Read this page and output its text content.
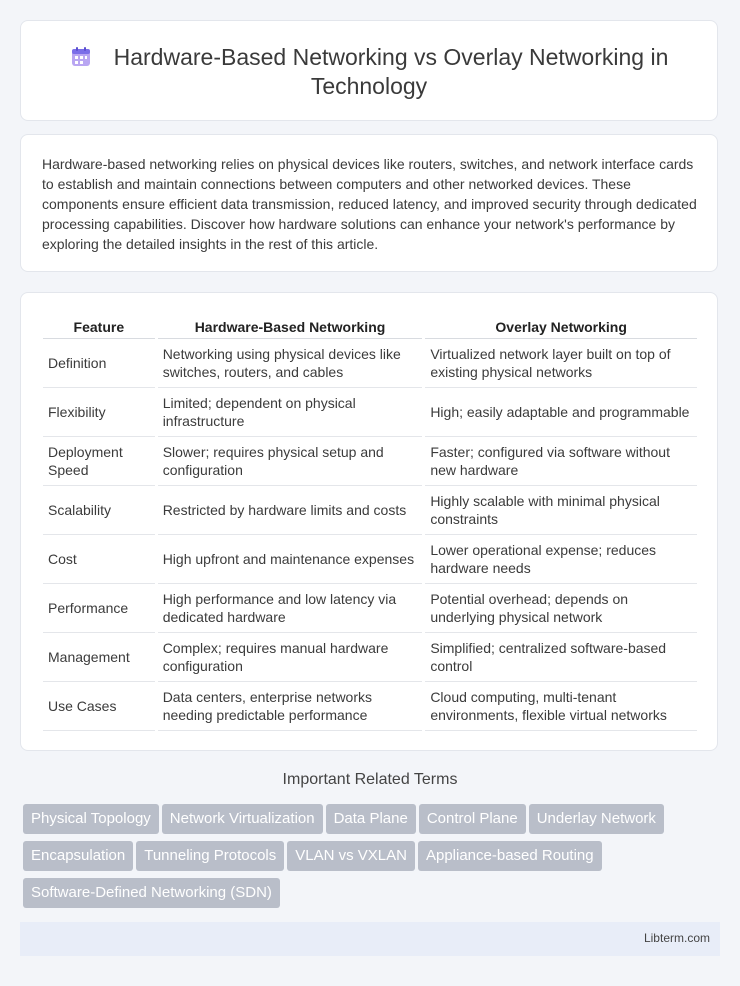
Hardware-Based Networking vs Overlay Networking in
Technology

Hardware-based networking relies on physical devices like routers, switches, and network interface cards to establish and maintain connections between computers and other networked devices. These components ensure efficient data transmission, reduced latency, and improved security through dedicated processing capabilities. Discover how hardware solutions can enhance your network's performance by exploring the detailed insights in the rest of this article.

Feature		Hardware-Based Networking		Overlay Networking
Definition		Networking using physical devices like switches, routers, and cables		Virtualized network layer built on top of existing physical networks
Flexibility		Limited; dependent on physical infrastructure		High; easily adaptable and programmable
Deployment Speed		Slower; requires physical setup and configuration		Faster; configured via software without new hardware
Scalability		Restricted by hardware limits and costs		Highly scalable with minimal physical constraints
Cost		High upfront and maintenance expenses		Lower operational expense; reduces hardware needs
Performance		High performance and low latency via dedicated hardware		Potential overhead; depends on underlying physical network
Management		Complex; requires manual hardware configuration		Simplified; centralized software-based control
Use Cases		Data centers, enterprise networks needing predictable performance		Cloud computing, multi-tenant environments, flexible virtual networks
Important Related Terms
Physical Topology Network Virtualization Data Plane Control Plane Underlay Network
Encapsulation Tunneling Protocols VLAN vs VXLAN Appliance-based Routing
Software-Defined Networking (SDN)
Libterm.com
